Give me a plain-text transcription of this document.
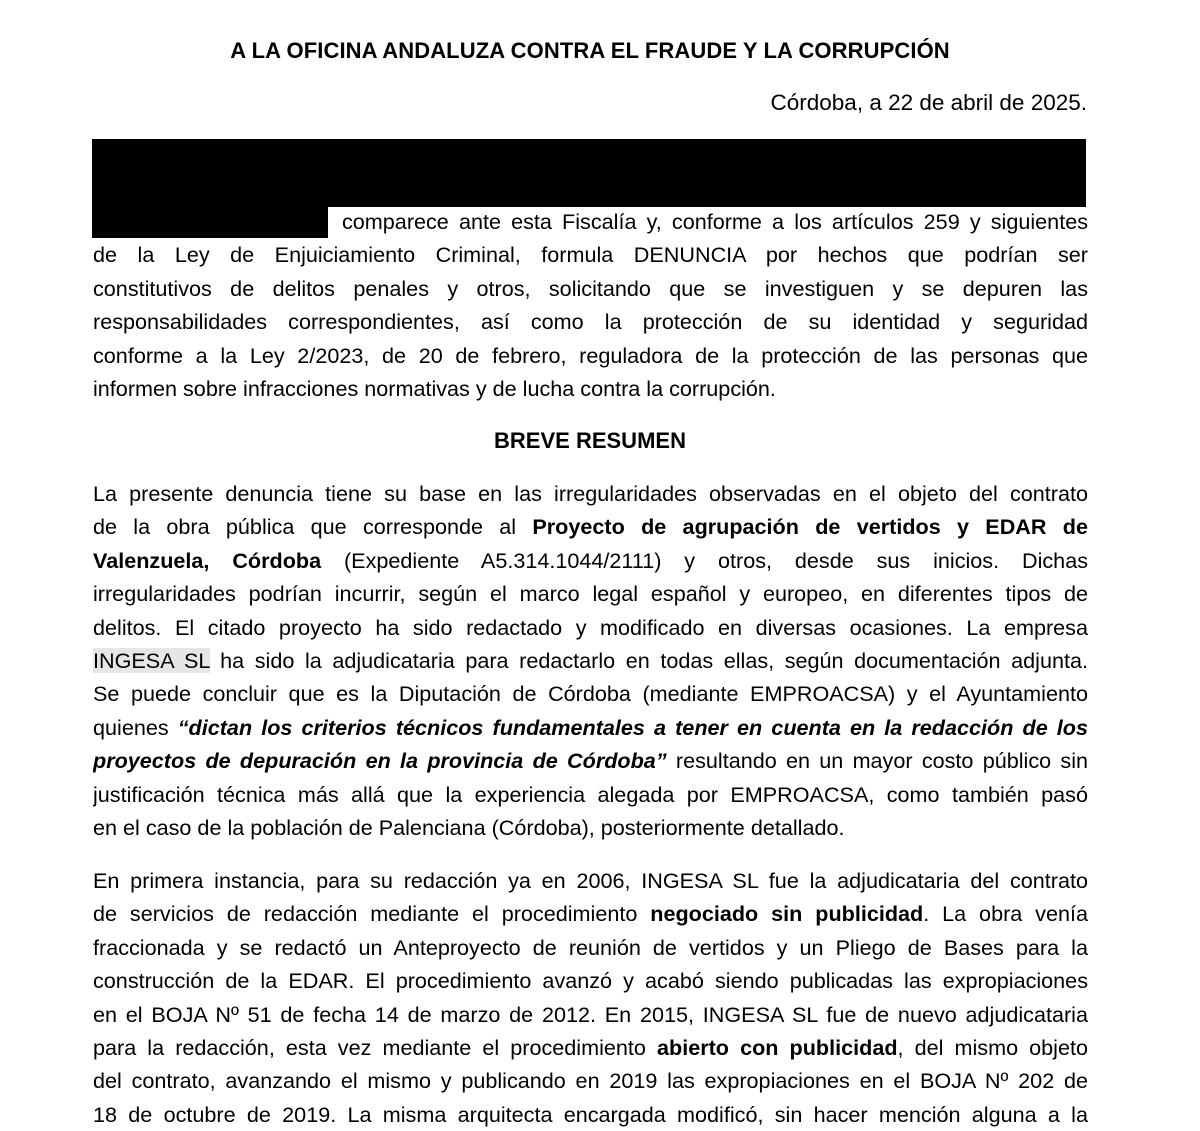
A LA OFICINA ANDALUZA CONTRA EL FRAUDE Y LA CORRUPCIÓN
Córdoba, a 22 de abril de 2025.
comparece ante esta Fiscalía y, conforme a los artículos 259 y siguientes
de la Ley de Enjuiciamiento Criminal, formula DENUNCIA por hechos que podrían ser
constitutivos de delitos penales y otros, solicitando que se investiguen y se depuren las
responsabilidades correspondientes, así como la protección de su identidad y seguridad
conforme a la Ley 2/2023, de 20 de febrero, reguladora de la protección de las personas que
informen sobre infracciones normativas y de lucha contra la corrupción.
BREVE RESUMEN
La presente denuncia tiene su base en las irregularidades observadas en el objeto del contrato
de la obra pública que corresponde al Proyecto de agrupación de vertidos y EDAR de
Valenzuela, Córdoba (Expediente A5.314.1044/2111) y otros, desde sus inicios. Dichas
irregularidades podrían incurrir, según el marco legal español y europeo, en diferentes tipos de
delitos. El citado proyecto ha sido redactado y modificado en diversas ocasiones. La empresa
INGESA SL ha sido la adjudicataria para redactarlo en todas ellas, según documentación adjunta.
Se puede concluir que es la Diputación de Córdoba (mediante EMPROACSA) y el Ayuntamiento
quienes “dictan los criterios técnicos fundamentales a tener en cuenta en la redacción de los
proyectos de depuración en la provincia de Córdoba” resultando en un mayor costo público sin
justificación técnica más allá que la experiencia alegada por EMPROACSA, como también pasó
en el caso de la población de Palenciana (Córdoba), posteriormente detallado.
En primera instancia, para su redacción ya en 2006, INGESA SL fue la adjudicataria del contrato
de servicios de redacción mediante el procedimiento negociado sin publicidad. La obra venía
fraccionada y se redactó un Anteproyecto de reunión de vertidos y un Pliego de Bases para la
construcción de la EDAR. El procedimiento avanzó y acabó siendo publicadas las expropiaciones
en el BOJA Nº 51 de fecha 14 de marzo de 2012. En 2015, INGESA SL fue de nuevo adjudicataria
para la redacción, esta vez mediante el procedimiento abierto con publicidad, del mismo objeto
del contrato, avanzando el mismo y publicando en 2019 las expropiaciones en el BOJA Nº 202 de
18 de octubre de 2019. La misma arquitecta encargada modificó, sin hacer mención alguna a la
